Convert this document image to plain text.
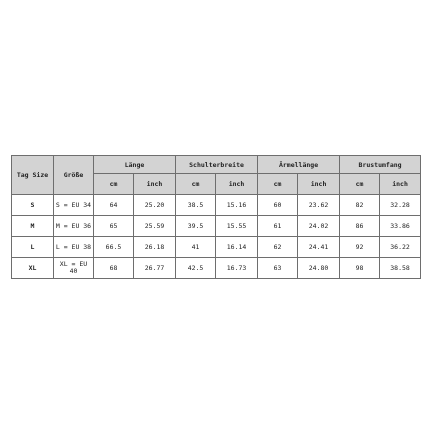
Tag Size	Größe	Länge		Schulterbreite		Ärmellänge		Brustumfang	
		cm	inch	cm	inch	cm	inch	cm	inch
S	S = EU 34	64	25.20	38.5	15.16	60	23.62	82	32.28
M	M = EU 36	65	25.59	39.5	15.55	61	24.02	86	33.86
L	L = EU 38	66.5	26.18	41	16.14	62	24.41	92	36.22
XL	XL = EU 40	68	26.77	42.5	16.73	63	24.80	98	38.58
